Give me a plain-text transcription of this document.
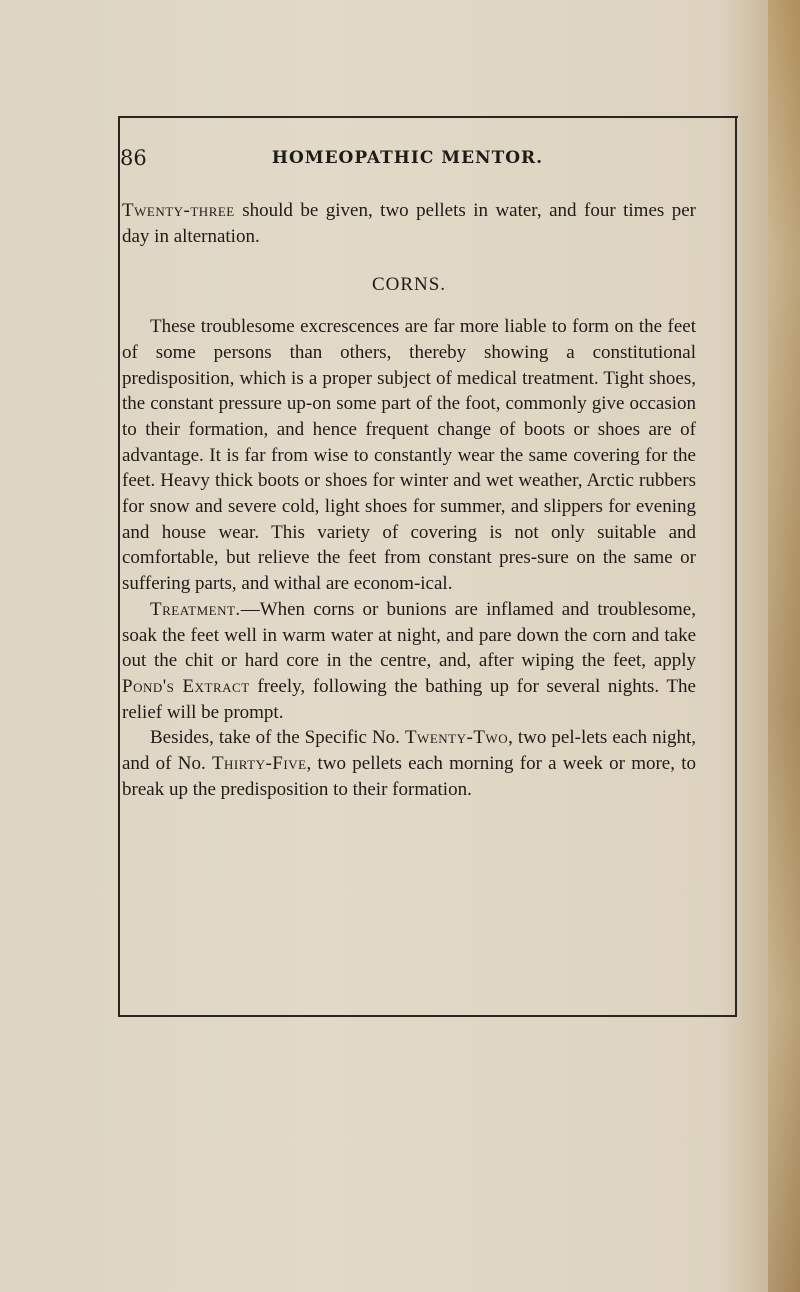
86	HOMEOPATHIC MENTOR.

Twenty-three should be given, two pellets in water, and four times per day in alternation.

CORNS.

These troublesome excrescences are far more liable to form on the feet of some persons than others, thereby showing a constitutional predisposition, which is a proper subject of medical treatment. Tight shoes, the constant pressure up-on some part of the foot, commonly give occasion to their formation, and hence frequent change of boots or shoes are of advantage. It is far from wise to constantly wear the same covering for the feet. Heavy thick boots or shoes for winter and wet weather, Arctic rubbers for snow and severe cold, light shoes for summer, and slippers for evening and house wear. This variety of covering is not only suitable and comfortable, but relieve the feet from constant pres-sure on the same or suffering parts, and withal are econom-ical.

Treatment.—When corns or bunions are inflamed and troublesome, soak the feet well in warm water at night, and pare down the corn and take out the chit or hard core in the centre, and, after wiping the feet, apply Pond's Extract freely, following the bathing up for several nights. The relief will be prompt.

Besides, take of the Specific No. Twenty-Two, two pel-lets each night, and of No. Thirty-Five, two pellets each morning for a week or more, to break up the predisposition to their formation.
